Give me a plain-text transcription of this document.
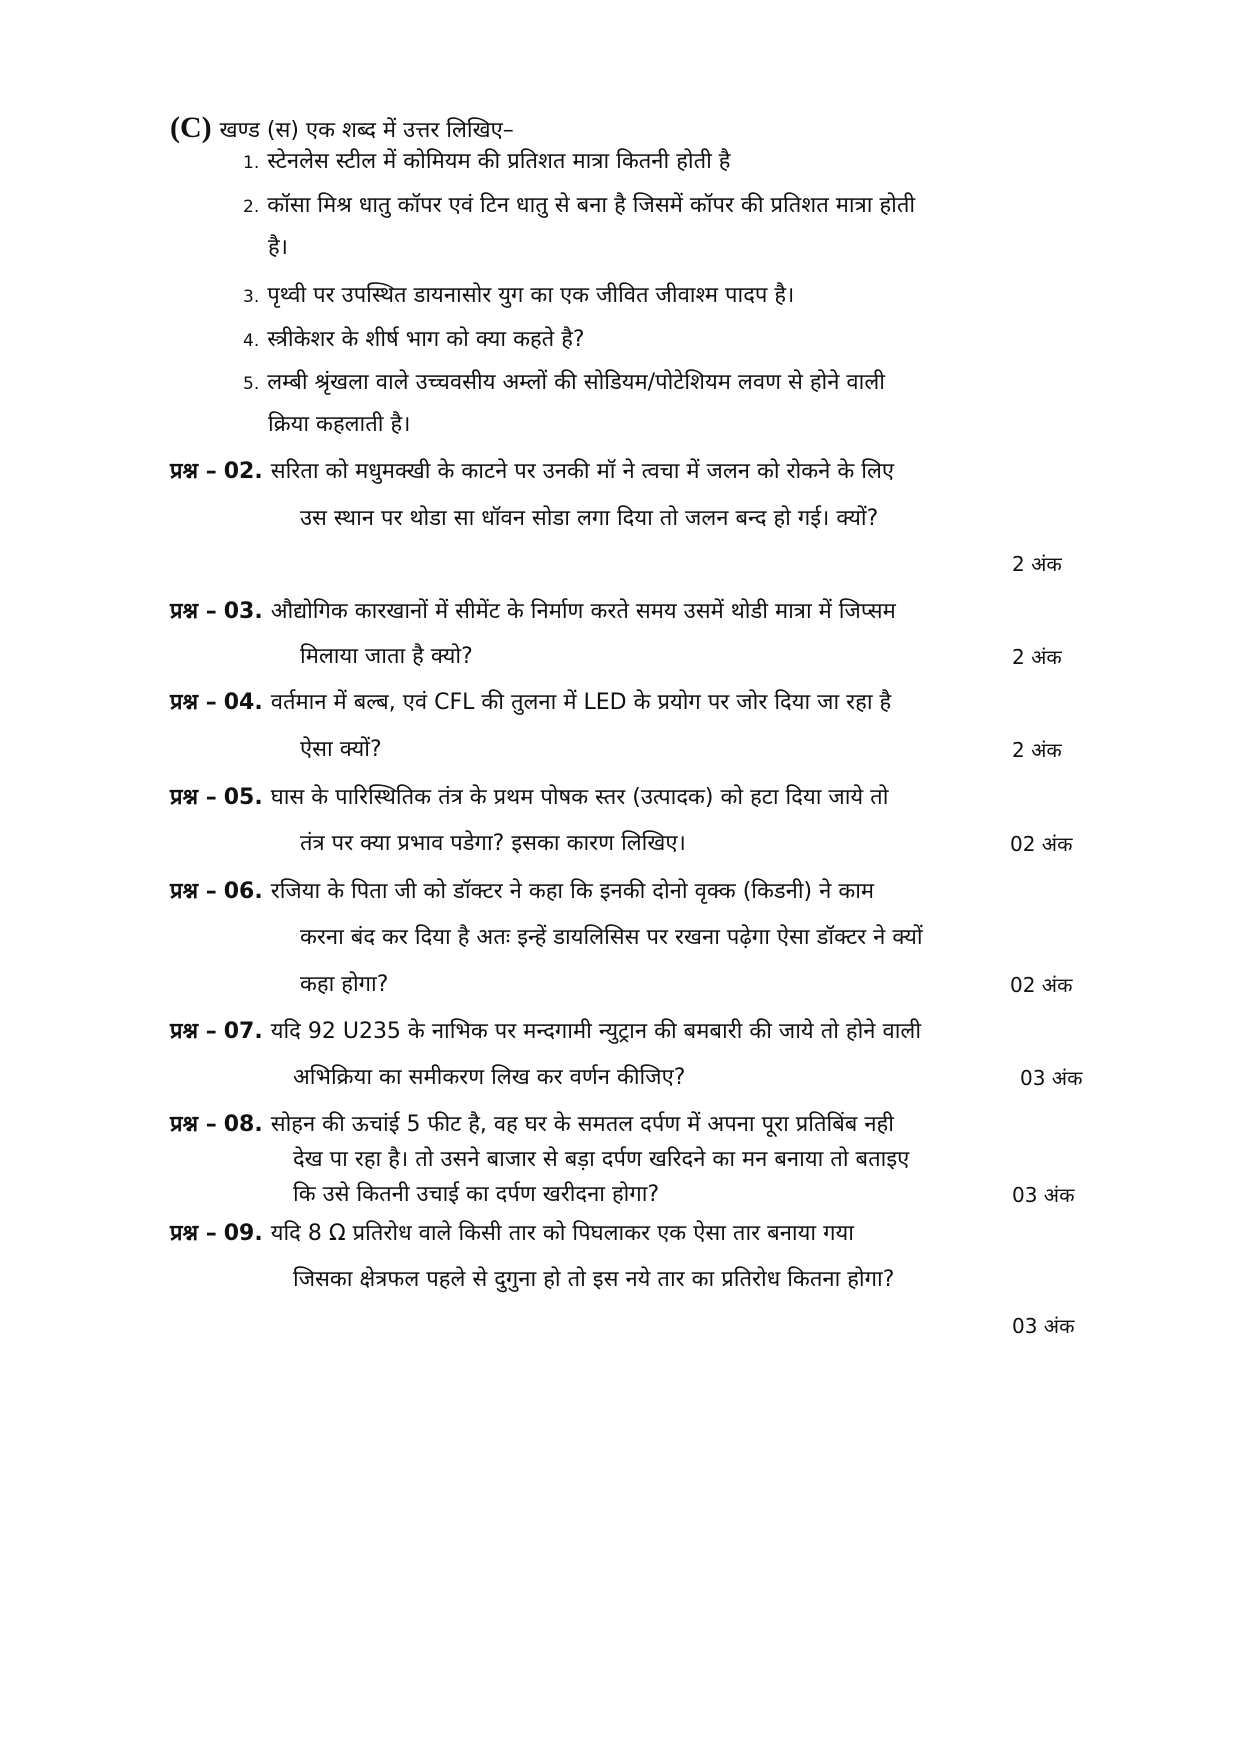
(C) खण्ड (स) एक शब्द में उत्तर लिखिए–
1. स्टेनलेस स्टील में कोमियम की प्रतिशत मात्रा कितनी होती है
2. कॉसा मिश्र धातु कॉपर एवं टिन धातु से बना है जिसमें कॉपर की प्रतिशत मात्रा होती
है।
3. पृथ्वी पर उपस्थित डायनासोर युग का एक जीवित जीवाश्म पादप है।
4. स्त्रीकेशर के शीर्ष भाग को क्या कहते है?
5. लम्बी श्रृंखला वाले उच्चवसीय अम्लों की सोडियम/पोटेशियम लवण से होने वाली
क्रिया कहलाती है।
प्रश्न – 02. सरिता को मधुमक्खी के काटने पर उनकी मॉ ने त्वचा में जलन को रोकने के लिए
उस स्थान पर थोडा सा धॉवन सोडा लगा दिया तो जलन बन्द हो गई। क्यों?
2 अंक
प्रश्न – 03. औद्योगिक कारखानों में सीमेंट के निर्माण करते समय उसमें थोडी मात्रा में जिप्सम
मिलाया जाता है क्यो?	2 अंक
प्रश्न – 04. वर्तमान में बल्ब, एवं CFL की तुलना में LED के प्रयोग पर जोर दिया जा रहा है
ऐसा क्यों?	2 अंक
प्रश्न – 05. घास के पारिस्थितिक तंत्र के प्रथम पोषक स्तर (उत्पादक) को हटा दिया जाये तो
तंत्र पर क्या प्रभाव पडेगा? इसका कारण लिखिए।	02 अंक
प्रश्न – 06. रजिया के पिता जी को डॉक्टर ने कहा कि इनकी दोनो वृक्क (किडनी) ने काम
करना बंद कर दिया है अतः इन्हें डायलिसिस पर रखना पढ़ेगा ऐसा डॉक्टर ने क्यों
कहा होगा?	02 अंक
प्रश्न – 07. यदि 92 U235 के नाभिक पर मन्दगामी न्युट्रान की बमबारी की जाये तो होने वाली
अभिक्रिया का समीकरण लिख कर वर्णन कीजिए?	03 अंक
प्रश्न – 08. सोहन की ऊचांई 5 फीट है, वह घर के समतल दर्पण में अपना पूरा प्रतिबिंब नही
देख पा रहा है। तो उसने बाजार से बड़ा दर्पण खरिदने का मन बनाया तो बताइए
कि उसे कितनी उचाई का दर्पण खरीदना होगा?	03 अंक
प्रश्न – 09. यदि 8 Ω प्रतिरोध वाले किसी तार को पिघलाकर एक ऐसा तार बनाया गया
जिसका क्षेत्रफल पहले से दुगुना हो तो इस नये तार का प्रतिरोध कितना होगा?
03 अंक
